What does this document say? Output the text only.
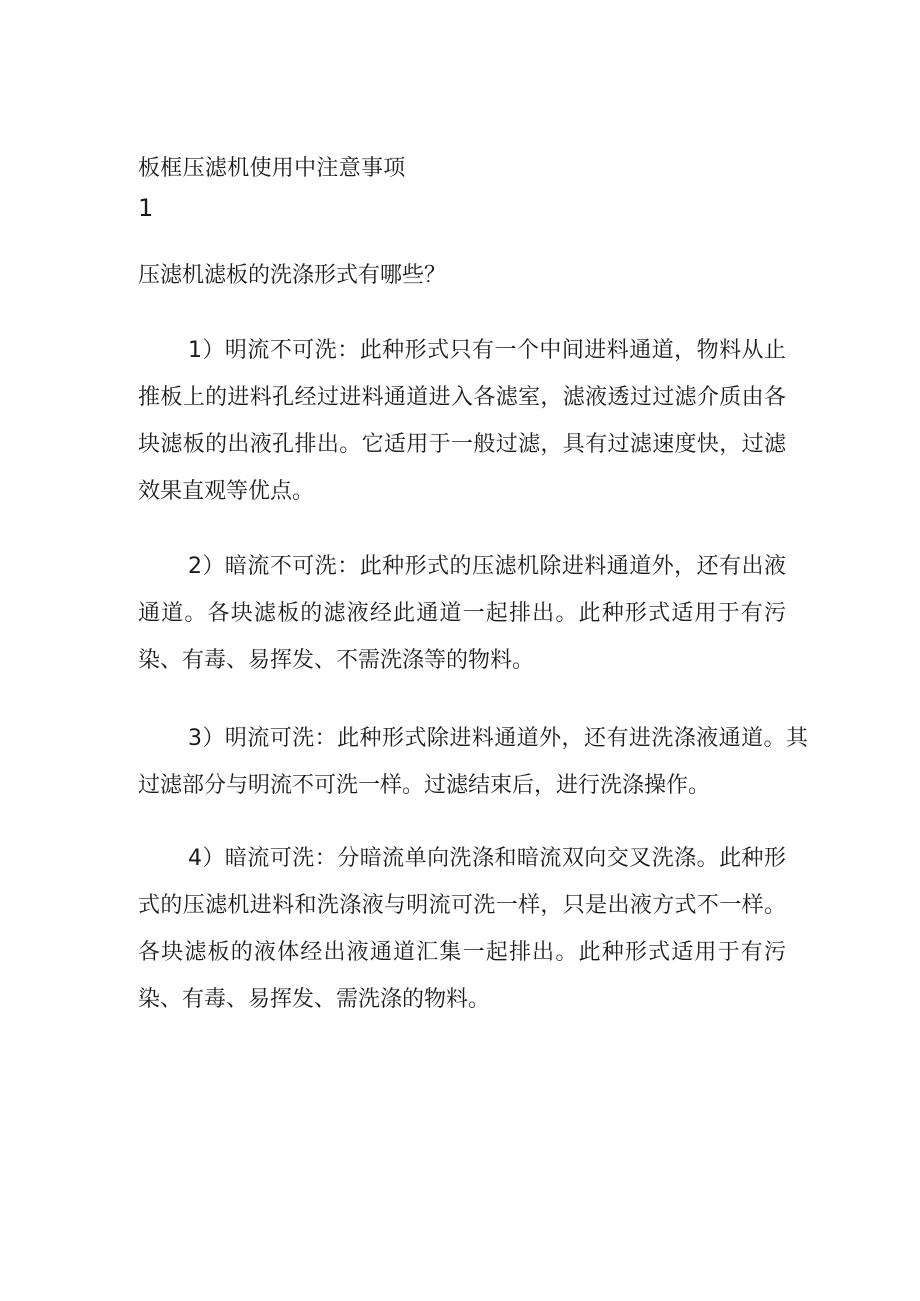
板框压滤机使用中注意事项
1
压滤机滤板的洗涤形式有哪些？

1）明流不可洗：此种形式只有一个中间进料通道，物料从止推板上的进料孔经过进料通道进入各滤室，滤液透过过滤介质由各块滤板的出液孔排出。它适用于一般过滤，具有过滤速度快，过滤效果直观等优点。

2）暗流不可洗：此种形式的压滤机除进料通道外，还有出液通道。各块滤板的滤液经此通道一起排出。此种形式适用于有污染、有毒、易挥发、不需洗涤等的物料。

3）明流可洗：此种形式除进料通道外，还有进洗涤液通道。其过滤部分与明流不可洗一样。过滤结束后，进行洗涤操作。

4）暗流可洗：分暗流单向洗涤和暗流双向交叉洗涤。此种形式的压滤机进料和洗涤液与明流可洗一样，只是出液方式不一样。各块滤板的液体经出液通道汇集一起排出。此种形式适用于有污染、有毒、易挥发、需洗涤的物料。
